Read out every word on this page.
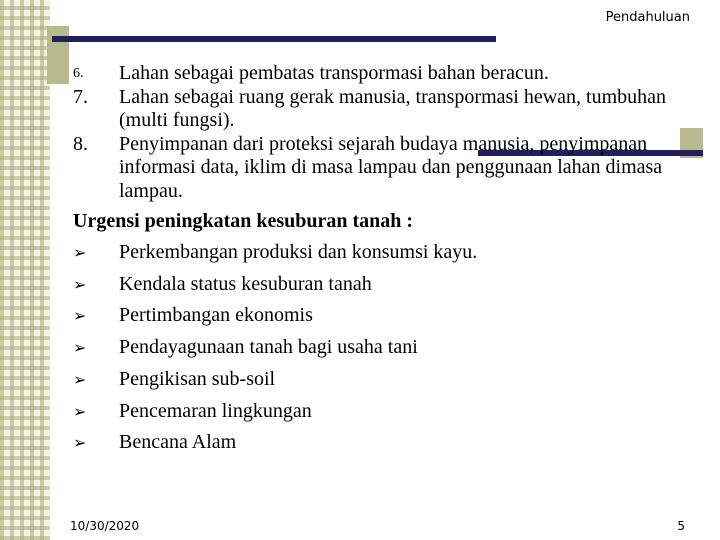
Pendahuluan
6.	Lahan sebagai pembatas transpormasi bahan beracun.
7.	Lahan sebagai ruang gerak manusia, transpormasi hewan, tumbuhan (multi fungsi).
8.	Penyimpanan dari proteksi sejarah budaya manusia, penyimpanan informasi data, iklim di masa lampau dan penggunaan lahan dimasa lampau.
Urgensi peningkatan kesuburan tanah :
➢	Perkembangan produksi dan konsumsi kayu.
➢	Kendala status kesuburan tanah
➢	Pertimbangan ekonomis
➢	Pendayagunaan tanah bagi usaha tani
➢	Pengikisan sub-soil
➢	Pencemaran lingkungan
➢	Bencana Alam
10/30/2020	5
